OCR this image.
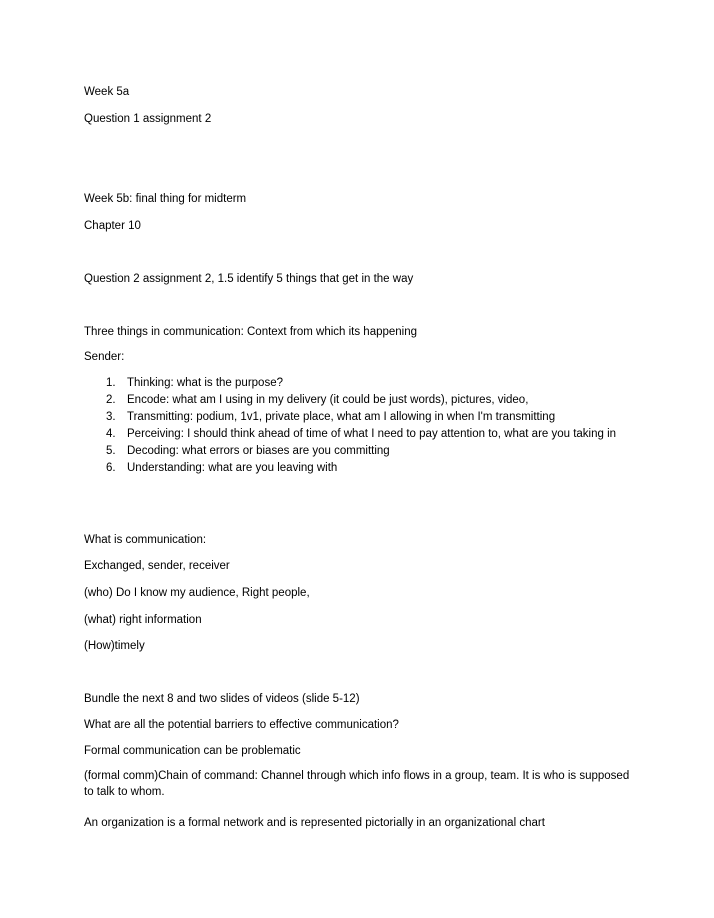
Week 5a

Question 1 assignment 2

Week 5b: final thing for midterm

Chapter 10

Question 2 assignment 2, 1.5 identify 5 things that get in the way

Three things in communication: Context from which its happening

Sender:

1. Thinking: what is the purpose?
2. Encode: what am I using in my delivery (it could be just words), pictures, video,
3. Transmitting: podium, 1v1, private place, what am I allowing in when I'm transmitting
4. Perceiving: I should think ahead of time of what I need to pay attention to, what are you taking in
5. Decoding: what errors or biases are you committing
6. Understanding: what are you leaving with

What is communication:

Exchanged, sender, receiver

(who) Do I know my audience, Right people,

(what) right information

(How)timely

Bundle the next 8 and two slides of videos (slide 5-12)

What are all the potential barriers to effective communication?

Formal communication can be problematic

(formal comm)Chain of command: Channel through which info flows in a group, team. It is who is supposed to talk to whom.

An organization is a formal network and is represented pictorially in an organizational chart
